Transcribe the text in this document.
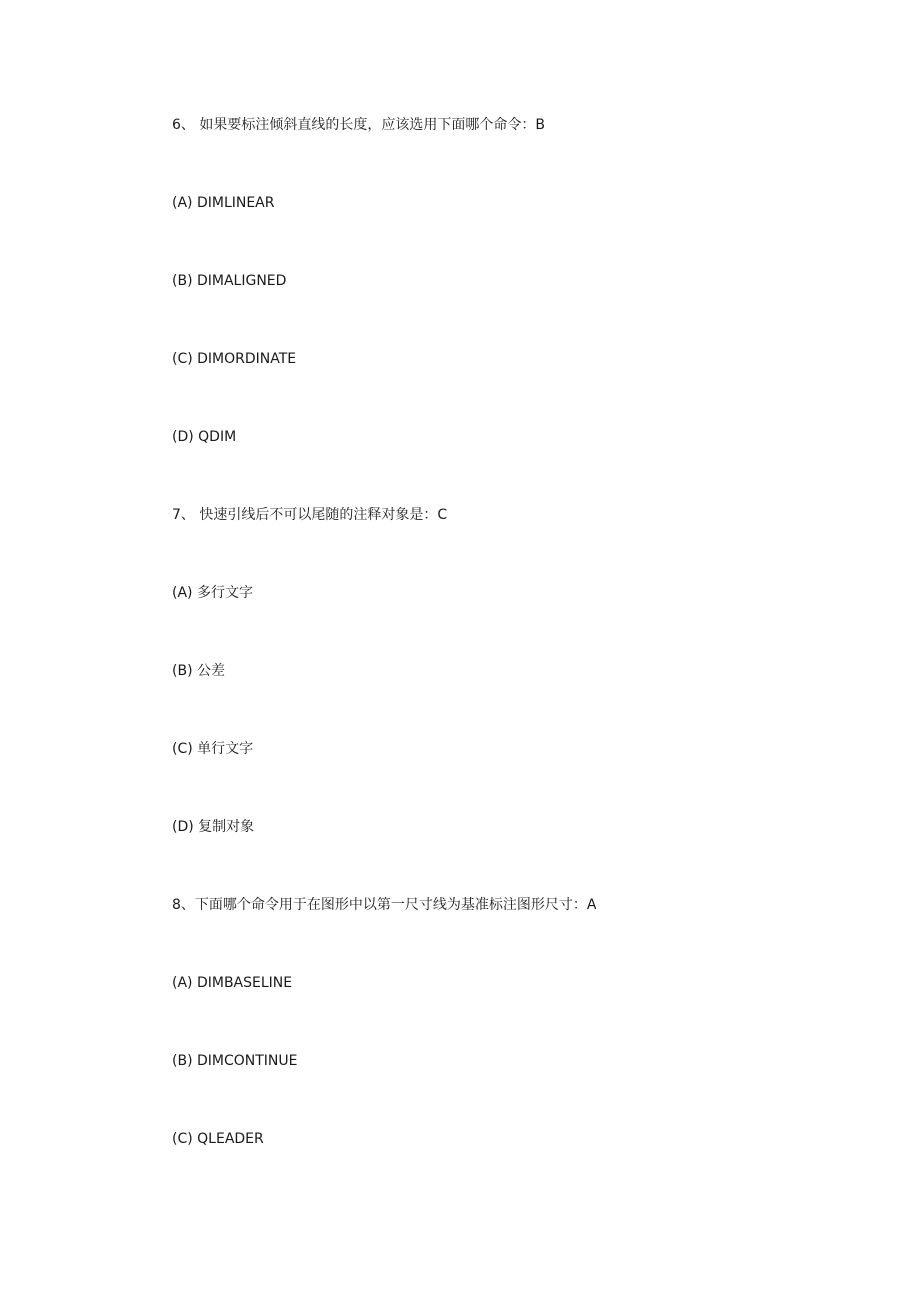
6、 如果要标注倾斜直线的长度，应该选用下面哪个命令：B
(A) DIMLINEAR
(B) DIMALIGNED
(C) DIMORDINATE
(D) QDIM
7、 快速引线后不可以尾随的注释对象是：C
(A) 多行文字
(B) 公差
(C) 单行文字
(D) 复制对象
8、下面哪个命令用于在图形中以第一尺寸线为基准标注图形尺寸：A
(A) DIMBASELINE
(B) DIMCONTINUE
(C) QLEADER
